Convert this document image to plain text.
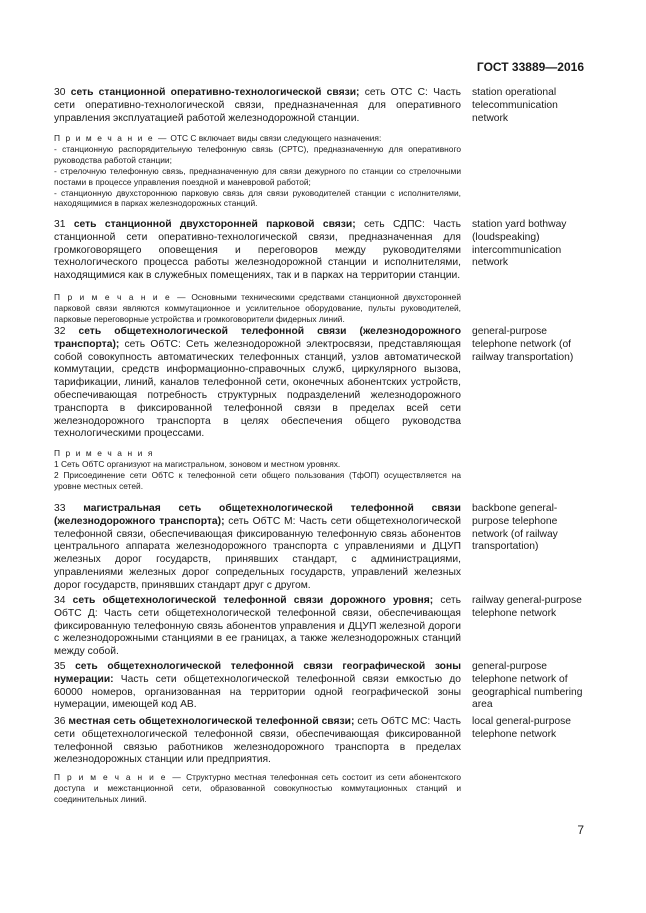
ГОСТ 33889—2016

30 сеть станционной оперативно-технологической связи; сеть ОТС С: Часть сети оперативно-технологической связи, предназначенная для оперативного управления эксплуатацией работой железнодорожной станции.

station operational telecommunication network

П р и м е ч а н и е — ОТС С включает виды связи следующего назначения:

- станционную распорядительную телефонную связь (СРТС), предназначенную для оперативного руководства работой станции;

- стрелочную телефонную связь, предназначенную для связи дежурного по станции со стрелочными постами в процессе управления поездной и маневровой работой;

- станционную двухстороннюю парковую связь для связи руководителей станции с исполнителями, находящимися в парках железнодорожных станций.

31 сеть станционной двухсторонней парковой связи; сеть СДПС: Часть станционной сети оперативно-технологической связи, предназначенная для громкоговорящего оповещения и переговоров между руководителями технологического процесса работы железнодорожной станции и исполнителями, находящимися как в служебных помещениях, так и в парках на территории станции.

station yard bothway (loudspeaking) intercommunication network

П р и м е ч а н и е — Основными техническими средствами станционной двухсторонней парковой связи являются коммутационное и усилительное оборудование, пульты руководителей, парковые переговорные устройства и громкоговорители фидерных линий.

32 сеть общетехнологической телефонной связи (железнодорожного транспорта); сеть ОбТС: Сеть железнодорожной электросвязи, представляющая собой совокупность автоматических телефонных станций, узлов автоматической коммутации, средств информационно-справочных служб, циркулярного вызова, тарификации, линий, каналов телефонной сети, оконечных абонентских устройств, обеспечивающая потребность структурных подразделений железнодорожного транспорта в фиксированной телефонной связи в пределах всей сети железнодорожного транспорта в целях обеспечения общего руководства технологическими процессами.

general-purpose telephone network (of railway transportation)

П р и м е ч а н и я

1 Сеть ОбТС организуют на магистральном, зоновом и местном уровнях.

2 Присоединение сети ОбТС к телефонной сети общего пользования (ТфОП) осуществляется на уровне местных сетей.

33 магистральная сеть общетехнологической телефонной связи (железнодорожного транспорта); сеть ОбТС М: Часть сети общетехнологической телефонной связи, обеспечивающая фиксированную телефонную связь абонентов центрального аппарата железнодорожного транспорта с управлениями и ДЦУП железных дорог государств, принявших стандарт, с администрациями, управлениями железных дорог сопредельных государств, управлений железных дорог государств, принявших стандарт друг с другом.

backbone general-purpose telephone network (of railway transportation)

34 сеть общетехнологической телефонной связи дорожного уровня; сеть ОбТС Д: Часть сети общетехнологической телефонной связи, обеспечивающая фиксированную телефонную связь абонентов управления и ДЦУП железной дороги с железнодорожными станциями в ее границах, а также железнодорожных станций между собой.

railway general-purpose telephone network

35 сеть общетехнологической телефонной связи географической зоны нумерации: Часть сети общетехнологической телефонной связи емкостью до 60000 номеров, организованная на территории одной географической зоны нумерации, имеющей код АВ.

general-purpose telephone network of geographical numbering area

36 местная сеть общетехнологической телефонной связи; сеть ОбТС МС: Часть сети общетехнологической телефонной связи, обеспечивающая фиксированной телефонной связью работников железнодорожного транспорта в пределах железнодорожных станции или предприятия.

local general-purpose telephone network

П р и м е ч а н и е — Структурно местная телефонная сеть состоит из сети абонентского доступа и межстанционной сети, образованной совокупностью коммутационных станций и соединительных линий.

7
